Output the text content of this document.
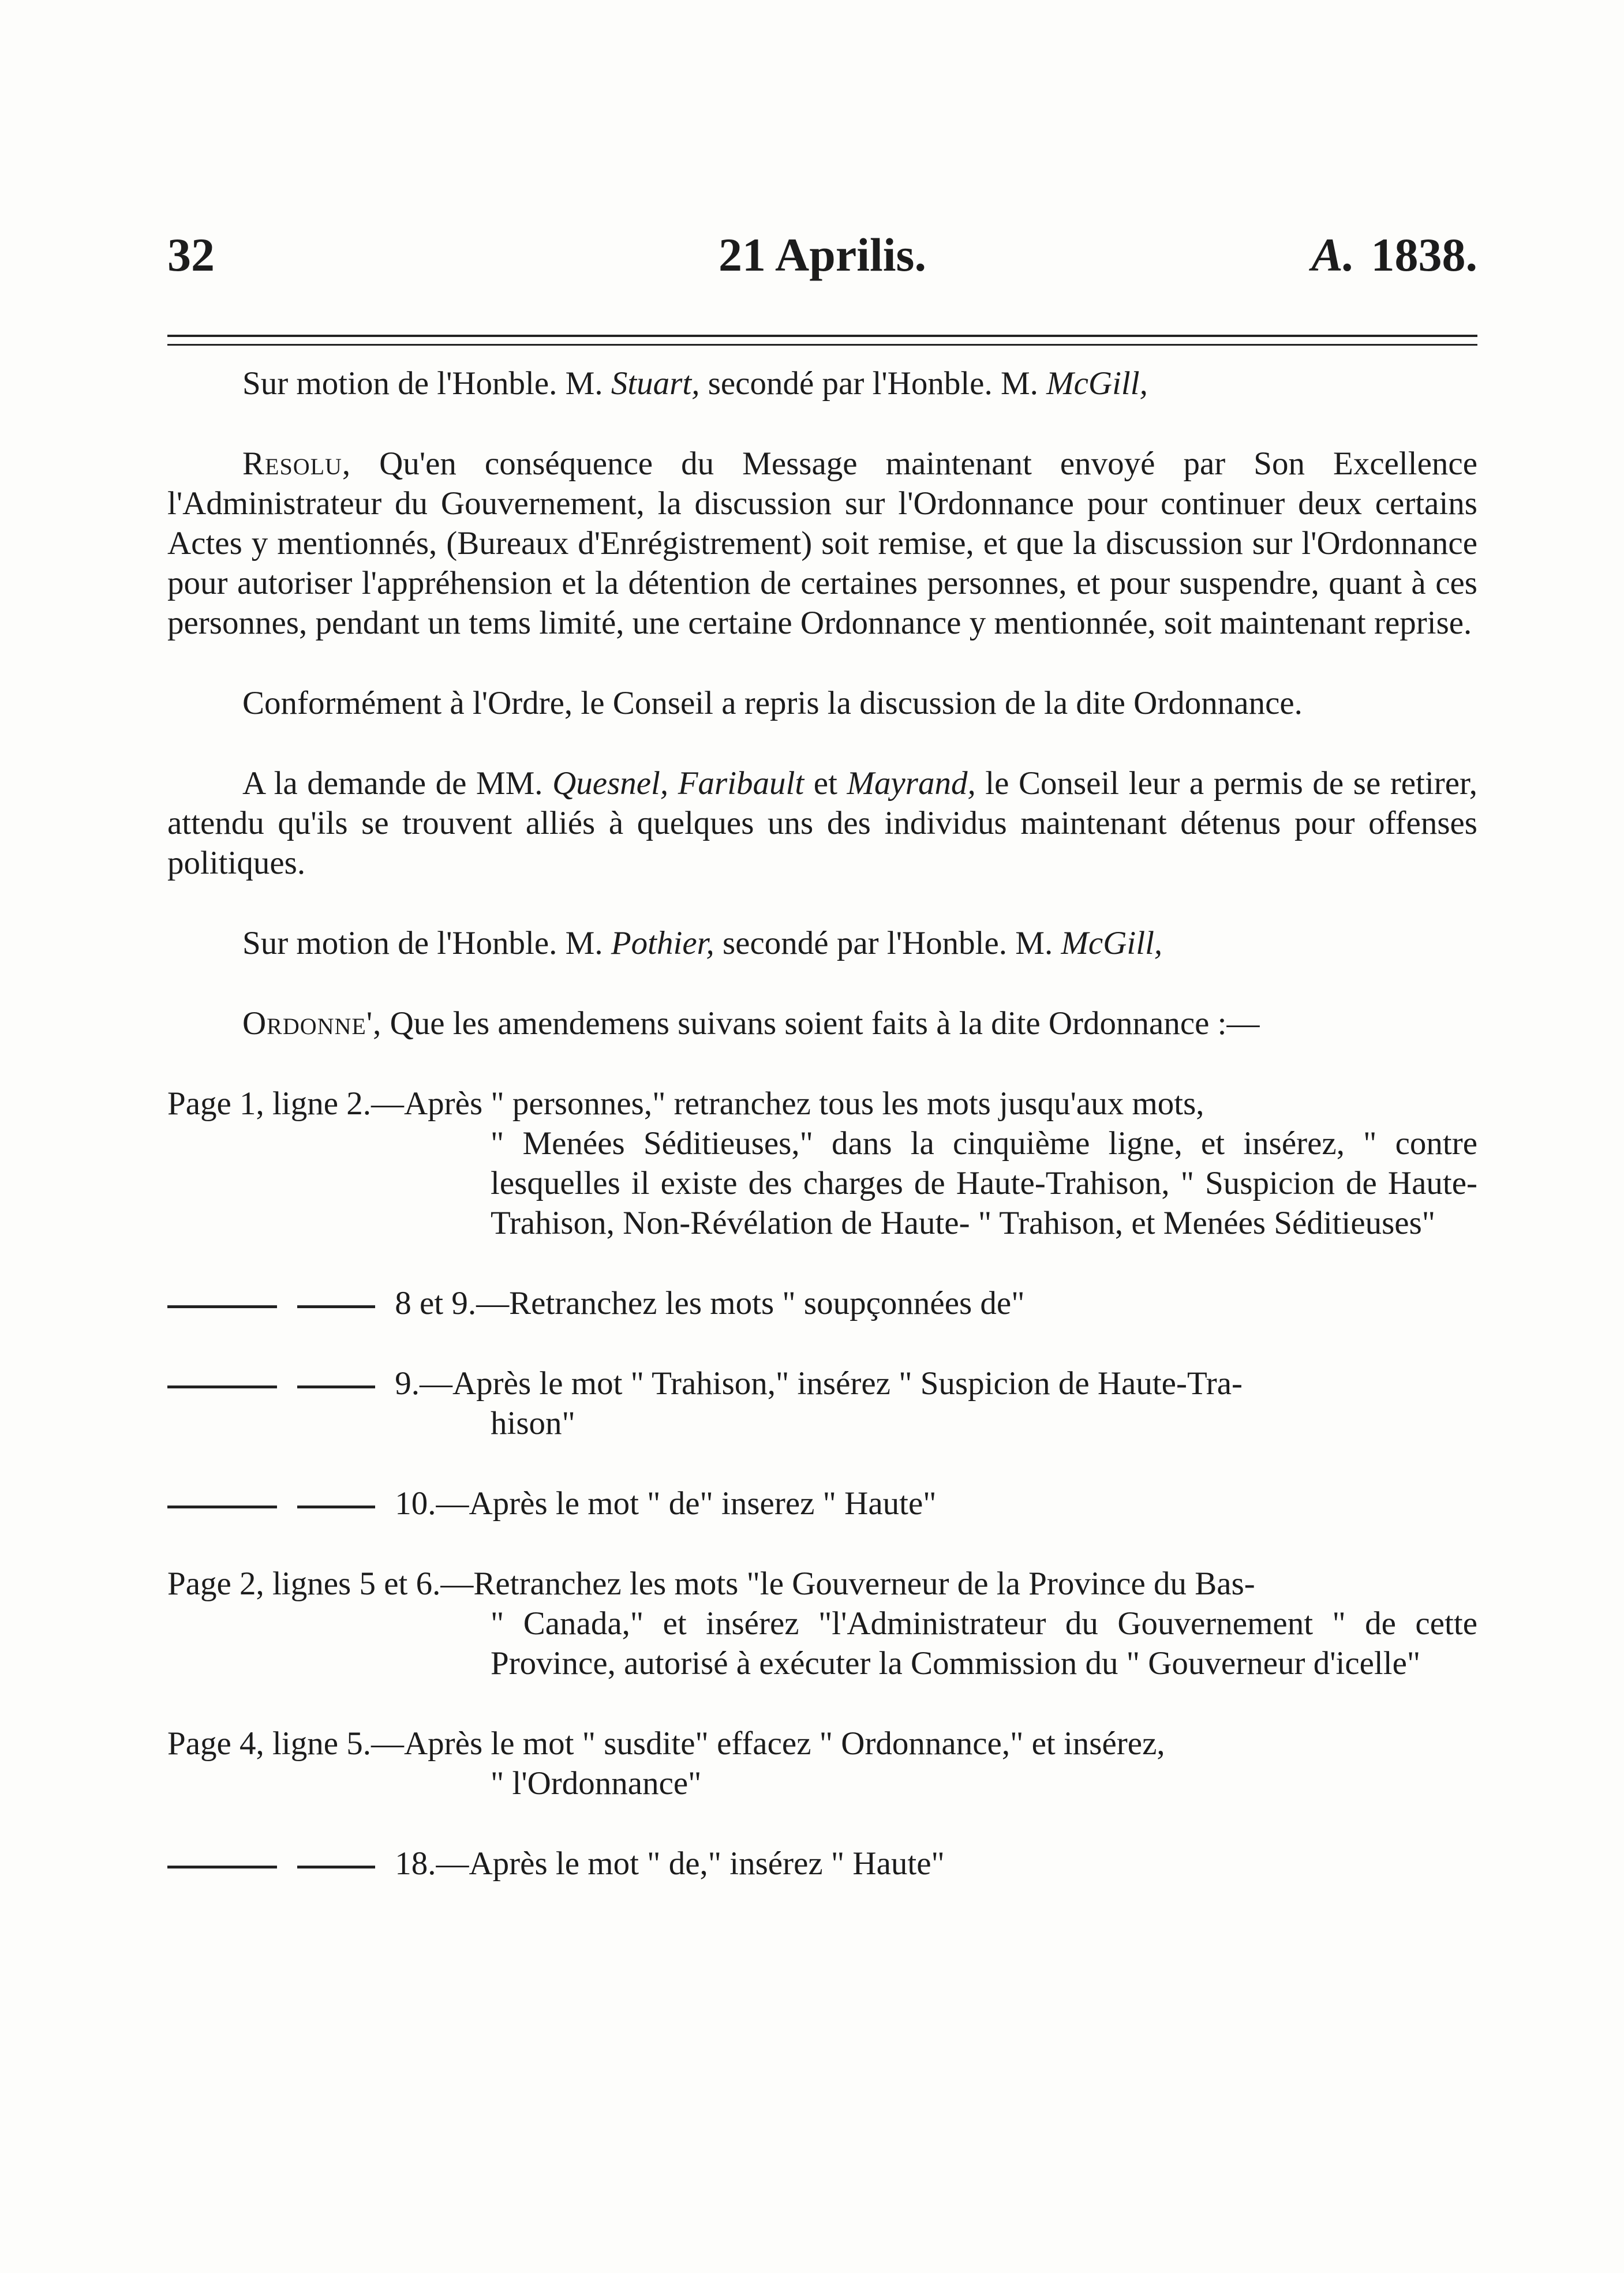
32	21 Aprilis.	A. 1838.

Sur motion de l'Honble. M. Stuart, secondé par l'Honble. M. McGill,

Resolu, Qu'en conséquence du Message maintenant envoyé par Son Excellence l'Administrateur du Gouvernement, la discussion sur l'Ordonnance pour continuer deux certains Actes y mentionnés, (Bureaux d'Enrégistrement) soit remise, et que la discussion sur l'Ordonnance pour autoriser l'appréhension et la détention de certaines personnes, et pour suspendre, quant à ces personnes, pendant un tems limité, une certaine Ordonnance y mentionnée, soit maintenant reprise.

Conformément à l'Ordre, le Conseil a repris la discussion de la dite Ordonnance.

A la demande de MM. Quesnel, Faribault et Mayrand, le Conseil leur a permis de se retirer, attendu qu'ils se trouvent alliés à quelques uns des individus maintenant détenus pour offenses politiques.

Sur motion de l'Honble. M. Pothier, secondé par l'Honble. M. McGill,

Ordonne', Que les amendemens suivans soient faits à la dite Ordonnance :—

Page 1, ligne 2.—Après " personnes," retranchez tous les mots jusqu'aux mots,
" Menées Séditieuses," dans la cinquième ligne, et insérez, " contre lesquelles il existe des charges de Haute-Trahison, " Suspicion de Haute-Trahison, Non-Révélation de Haute- " Trahison, et Menées Séditieuses"
8 et 9.—Retranchez les mots " soupçonnées de"
9.—Après le mot " Trahison," insérez " Suspicion de Haute-Tra-
hison"
10.—Après le mot " de" inserez " Haute"
Page 2, lignes 5 et 6.—Retranchez les mots "le Gouverneur de la Province du Bas-
" Canada," et insérez "l'Administrateur du Gouvernement " de cette Province, autorisé à exécuter la Commission du " Gouverneur d'icelle"
Page 4, ligne 5.—Après le mot " susdite" effacez " Ordonnance," et insérez,
" l'Ordonnance"
18.—Après le mot " de," insérez " Haute"
